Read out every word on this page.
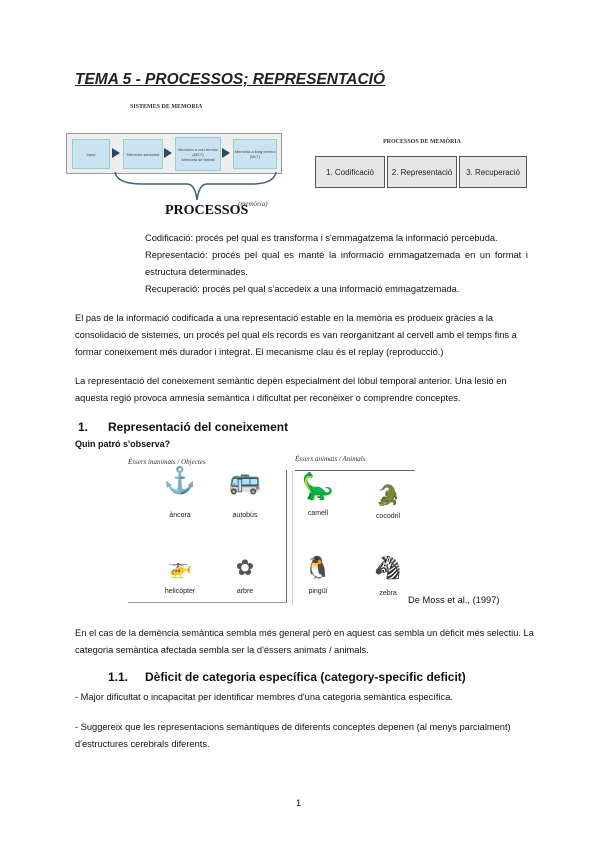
TEMA 5 - PROCESSOS; REPRESENTACIÓ
SISTEMES DE MEMORIA
Input	Memòria sensorial
Memòria a curt termini (MCT)
Memòria de treball
Memòria a llarg termini (MLT)
PROCESSOS
(memòria)
PROCESSOS DE MEMÒRIA
1. Codificació	2. Representació	3. Recuperació
Codificació: procés pel qual es transforma i s'emmagatzema la informació percebuda.
Representació: procés pel qual es manté la informació emmagatzemada en un format i estructura determinades.
Recuperació: procés pel qual s'accedeix a una informació emmagatzemada.
El pas de la informació codificada a una representació estable en la memòria es produeix gràcies a la consolidació de sistemes, un procés pel qual els records es van reorganitzant al cervell amb el temps fins a formar coneixement més durador i integrat. El mecanisme clau és el replay (reproducció.)
La representació del coneixement semàntic depèn especialment del lòbul temporal anterior. Una lesió en aquesta regió provoca amnesia semàntica i dificultat per reconèixer o comprendre conceptes.
1. Representació del coneixement
Quin patró s'observa?
Éssers inanimats / Objectes	Éssers animats / Animals
⚓
àncora
🚌
autobús
🚁
helicòpter
✿
arbre
🦕
camell
🐊
cocodril
🐧
pingüí
🦓
zebra
De Moss et al., (1997)
En el cas de la demència semàntica sembla més general però en aquest cas sembla un dèficit més selectiu. La categoria semàntica afectada sembla ser la d'éssers animats / animals.
1.1. Dèficit de categoria específica (category-specific deficit)
- Major dificultat o incapacitat per identificar membres d'una categoria semàntica específica.
- Suggereix que les representacions semàntiques de diferents conceptes depenen (al menys parcialment) d'estructures cerebrals diferents.
1
